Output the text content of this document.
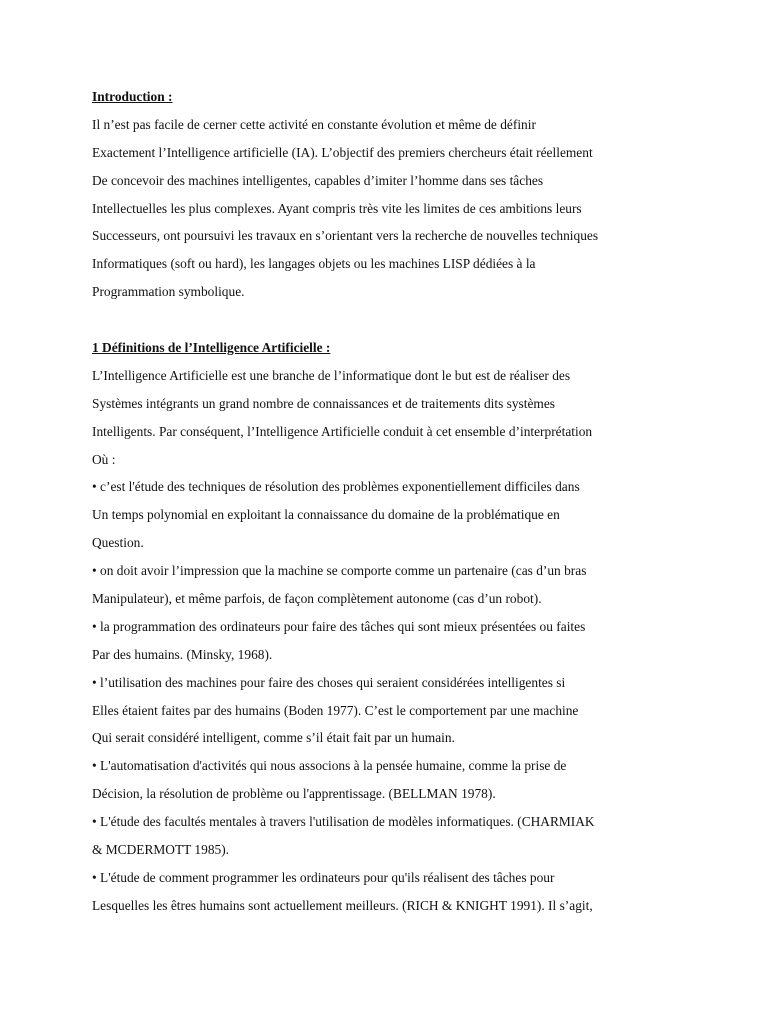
Introduction :
Il n’est pas facile de cerner cette activité en constante évolution et même de définir
Exactement l’Intelligence artificielle (IA). L’objectif des premiers chercheurs était réellement
De concevoir des machines intelligentes, capables d’imiter l’homme dans ses tâches
Intellectuelles les plus complexes. Ayant compris très vite les limites de ces ambitions leurs
Successeurs, ont poursuivi les travaux en s’orientant vers la recherche de nouvelles techniques
Informatiques (soft ou hard), les langages objets ou les machines LISP dédiées à la
Programmation symbolique.
1 Définitions de l’Intelligence Artificielle :
L’Intelligence Artificielle est une branche de l’informatique dont le but est de réaliser des
Systèmes intégrants un grand nombre de connaissances et de traitements dits systèmes
Intelligents. Par conséquent, l’Intelligence Artificielle conduit à cet ensemble d’interprétation
Où :
• c’est l'étude des techniques de résolution des problèmes exponentiellement difficiles dans
Un temps polynomial en exploitant la connaissance du domaine de la problématique en
Question.
• on doit avoir l’impression que la machine se comporte comme un partenaire (cas d’un bras
Manipulateur), et même parfois, de façon complètement autonome (cas d’un robot).
• la programmation des ordinateurs pour faire des tâches qui sont mieux présentées ou faites
Par des humains. (Minsky, 1968).
• l’utilisation des machines pour faire des choses qui seraient considérées intelligentes si
Elles étaient faites par des humains (Boden 1977). C’est le comportement par une machine
Qui serait considéré intelligent, comme s’il était fait par un humain.
• L'automatisation d'activités qui nous associons à la pensée humaine, comme la prise de
Décision, la résolution de problème ou l'apprentissage. (BELLMAN 1978).
• L'étude des facultés mentales à travers l'utilisation de modèles informatiques. (CHARMIAK
& MCDERMOTT 1985).
• L'étude de comment programmer les ordinateurs pour qu'ils réalisent des tâches pour
Lesquelles les êtres humains sont actuellement meilleurs. (RICH & KNIGHT 1991). Il s’agit,
